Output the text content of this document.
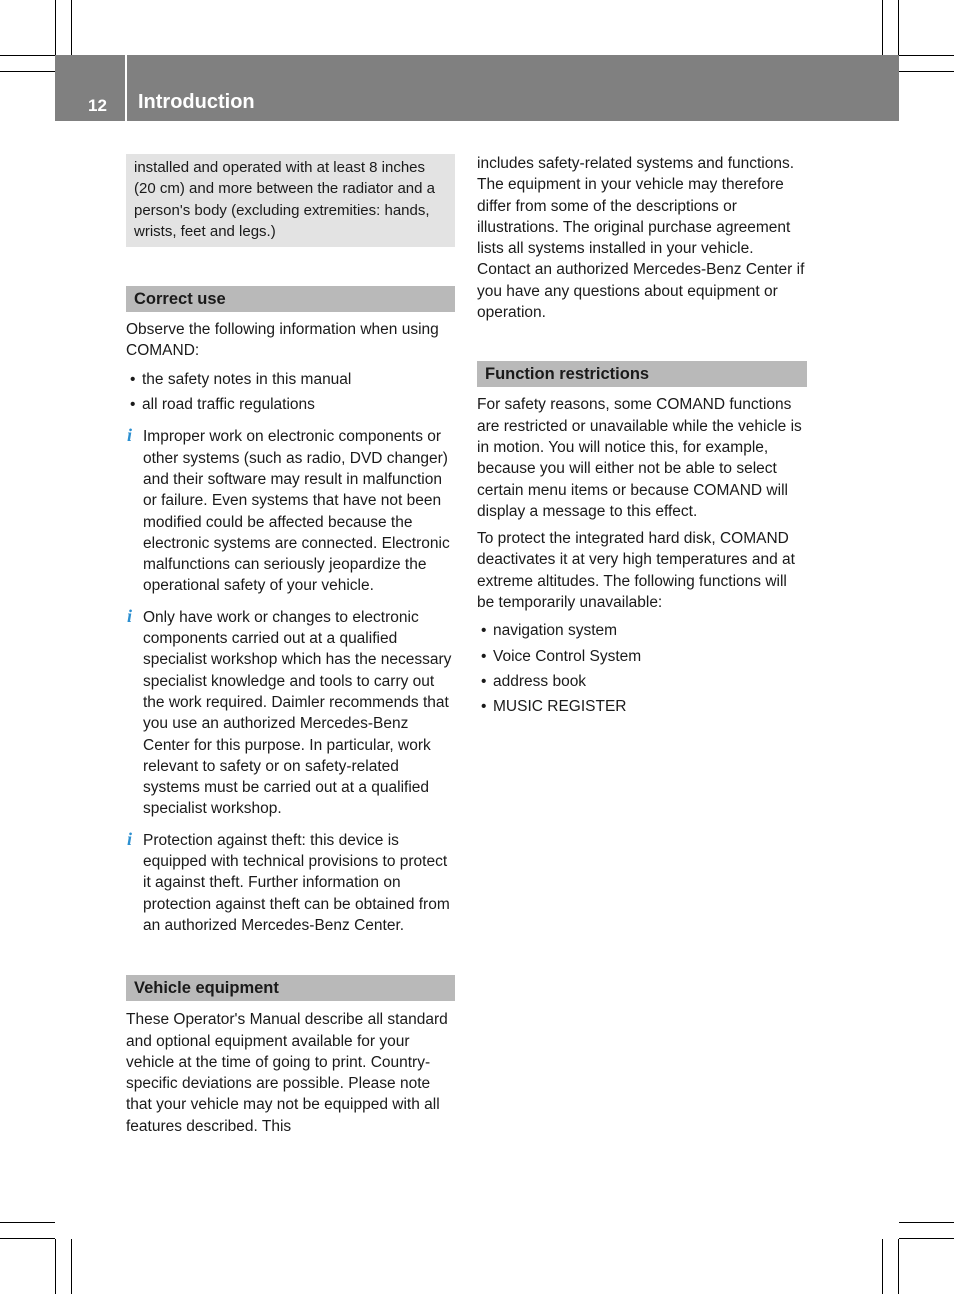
12 Introduction
installed and operated with at least 8 inches (20 cm) and more between the radiator and a person's body (excluding extremities: hands, wrists, feet and legs.)
Correct use

Observe the following information when using COMAND:

• the safety notes in this manual
• all road traffic regulations
i Improper work on electronic components or other systems (such as radio, DVD changer) and their software may result in malfunction or failure. Even systems that have not been modified could be affected because the electronic systems are connected. Electronic malfunctions can seriously jeopardize the operational safety of your vehicle.
i Only have work or changes to electronic components carried out at a qualified specialist workshop which has the necessary specialist knowledge and tools to carry out the work required. Daimler recommends that you use an authorized Mercedes-Benz Center for this purpose. In particular, work relevant to safety or on safety-related systems must be carried out at a qualified specialist workshop.
i Protection against theft: this device is equipped with technical provisions to protect it against theft. Further information on protection against theft can be obtained from an authorized Mercedes-Benz Center.
Vehicle equipment

These Operator's Manual describe all standard and optional equipment available for your vehicle at the time of going to print. Country-specific deviations are possible. Please note that your vehicle may not be equipped with all features described. This

includes safety-related systems and functions. The equipment in your vehicle may therefore differ from some of the descriptions or illustrations. The original purchase agreement lists all systems installed in your vehicle. Contact an authorized Mercedes-Benz Center if you have any questions about equipment or operation.

Function restrictions

For safety reasons, some COMAND functions are restricted or unavailable while the vehicle is in motion. You will notice this, for example, because you will either not be able to select certain menu items or because COMAND will display a message to this effect.

To protect the integrated hard disk, COMAND deactivates it at very high temperatures and at extreme altitudes. The following functions will be temporarily unavailable:

• navigation system
• Voice Control System
• address book
• MUSIC REGISTER
